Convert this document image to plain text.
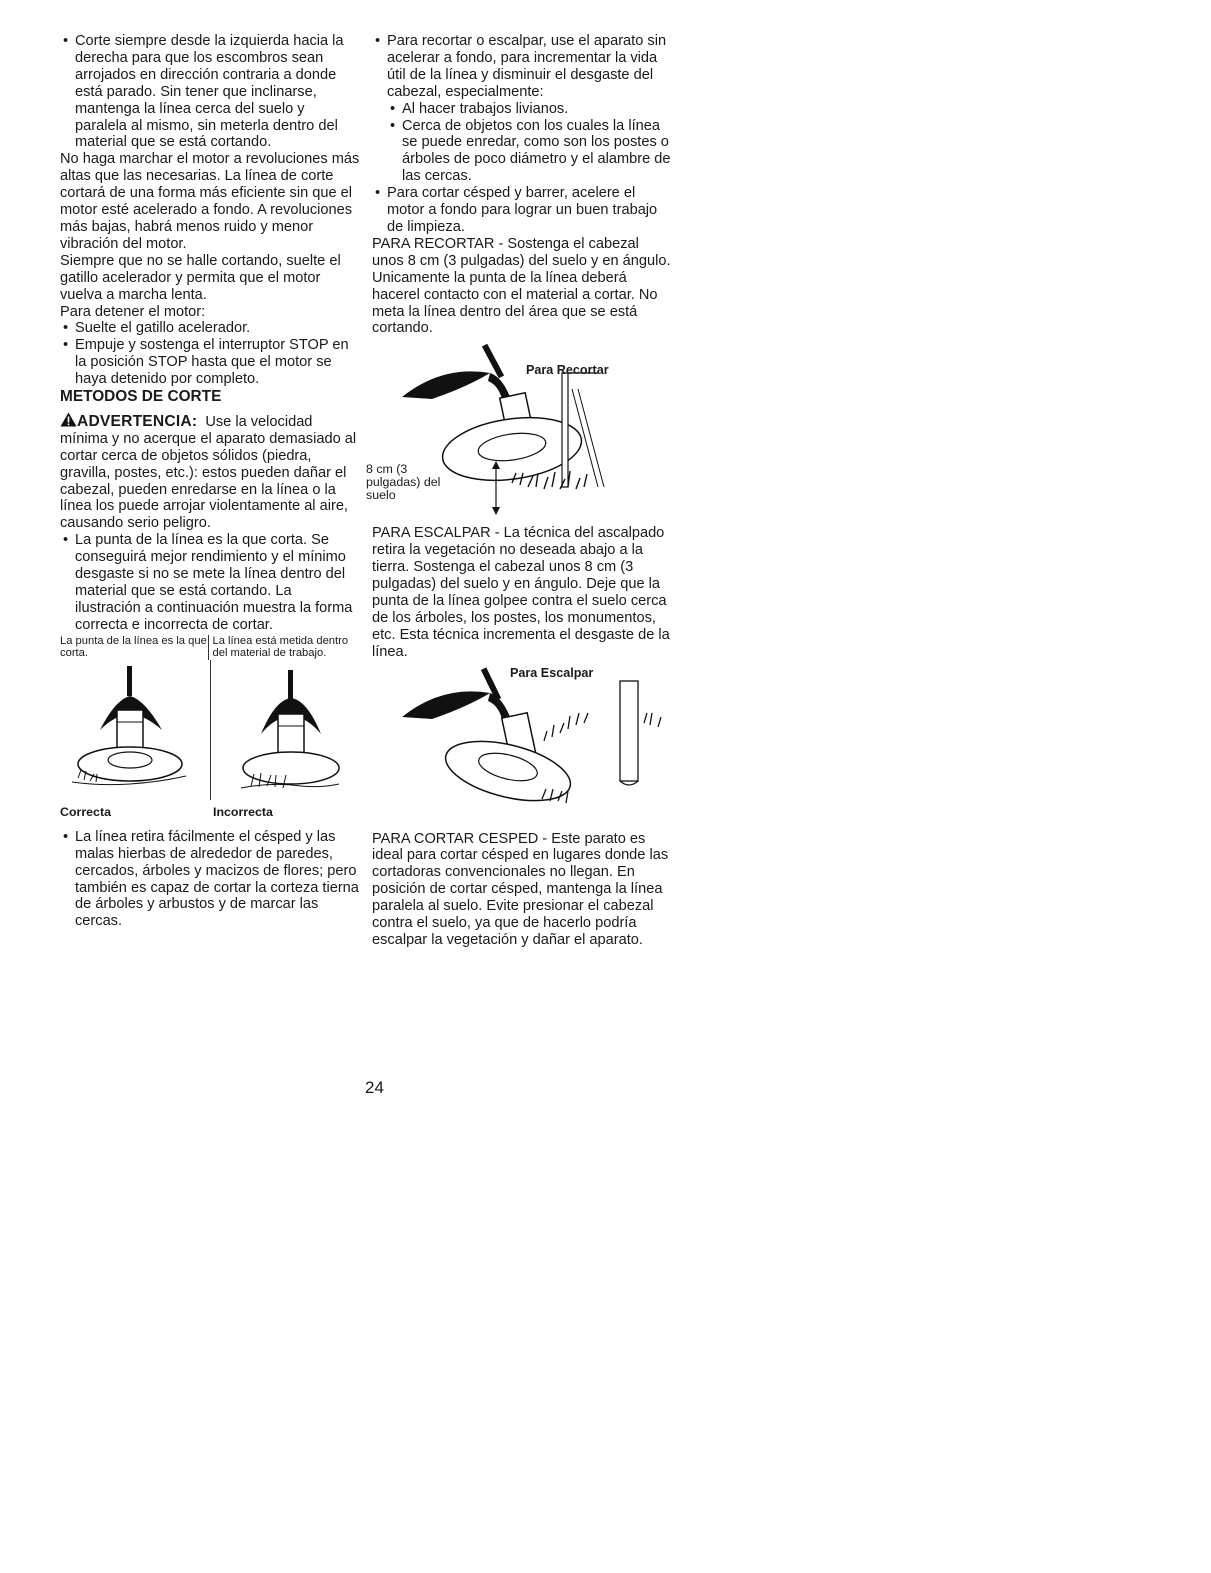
• Corte siempre desde la izquierda hacia la derecha para que los escombros sean arrojados en dirección contraria a donde está parado. Sin tener que inclinarse, mantenga la línea cerca del suelo y paralela al mismo, sin meterla dentro del material que se está cortando.

No haga marchar el motor a revoluciones más altas que las necesarias. La línea de corte cortará de una forma más eficiente sin que el motor esté acelerado a fondo. A revoluciones más bajas, habrá menos ruido y menor vibración del motor.

Siempre que no se halle cortando, suelte el gatillo acelerador y permita que el motor vuelva a marcha lenta.

Para detener el motor:

• Suelte el gatillo acelerador.
• Empuje y sostenga el interruptor STOP en la posición STOP hasta que el motor se haya detenido por completo.

METODOS DE CORTE

ADVERTENCIA: Use la velocidad mínima y no acerque el aparato demasiado al cortar cerca de objetos sólidos (piedra, gravilla, postes, etc.): estos pueden dañar el cabezal, pueden enredarse en la línea o la línea los puede arrojar violentamente al aire, causando serio peligro.

• La punta de la línea es la que corta. Se conseguirá mejor rendimiento y el mínimo desgaste si no se mete la línea dentro del material que se está cortando. La ilustración a continuación muestra la forma correcta e incorrecta de cortar.
La punta de la línea es la que corta.
La línea está metida dentro del material de trabajo.
Correcta	Incorrecta
• La línea retira fácilmente el césped y las malas hierbas de alrededor de paredes, cercados, árboles y macizos de flores; pero también es capaz de cortar la corteza tierna de árboles y arbustos y de marcar las cercas.
• Para recortar o escalpar, use el aparato sin acelerar a fondo, para incrementar la vida útil de la línea y disminuir el desgaste del cabezal, especialmente:
• Al hacer trabajos livianos.
• Cerca de objetos con los cuales la línea se puede enredar, como son los postes o árboles de poco diámetro y el alambre de las cercas.
• Para cortar césped y barrer, acelere el motor a fondo para lograr un buen trabajo de limpieza.

PARA RECORTAR - Sostenga el cabezal unos 8 cm (3 pulgadas) del suelo y en ángulo. Unicamente la punta de la línea deberá hacerel contacto con el material a cortar. No meta la línea dentro del área que se está cortando.

Para Recortar
8 cm (3 pulgadas) del suelo

PARA ESCALPAR - La técnica del ascalpado retira la vegetación no deseada abajo a la tierra. Sostenga el cabezal unos 8 cm (3 pulgadas) del suelo y en ángulo. Deje que la punta de la línea golpee contra el suelo cerca de los árboles, los postes, los monumentos, etc. Esta técnica incrementa el desgaste de la línea.

Para Escalpar

PARA CORTAR CESPED - Este parato es ideal para cortar césped en lugares donde las cortadoras convencionales no llegan. En posición de cortar césped, mantenga la línea paralela al suelo. Evite presionar el cabezal contra el suelo, ya que de hacerlo podría escalpar la vegetación y dañar el aparato.

24
